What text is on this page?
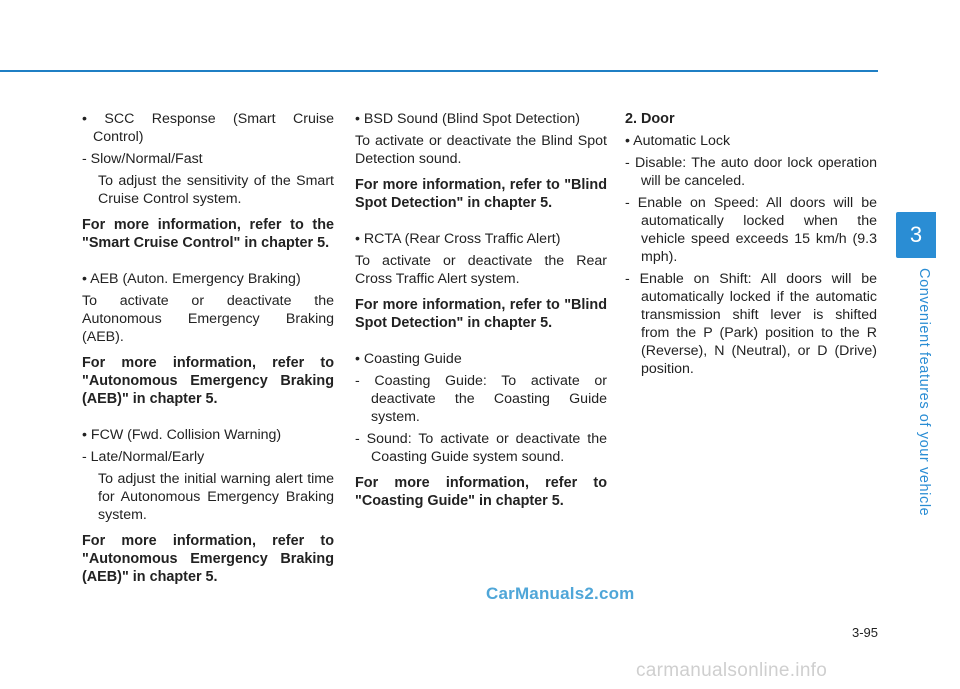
• SCC Response (Smart Cruise Control)

- Slow/Normal/Fast

To adjust the sensitivity of the Smart Cruise Control system.

For more information, refer to the "Smart Cruise Control" in chapter 5.

• AEB (Auton. Emergency Braking)

To activate or deactivate the Autonomous Emergency Braking (AEB).

For more information, refer to "Autonomous Emergency Braking (AEB)" in chapter 5.

• FCW (Fwd. Collision Warning)

- Late/Normal/Early

To adjust the initial warning alert time for Autonomous Emergency Braking system.

For more information, refer to "Autonomous Emergency Braking (AEB)" in chapter 5.

• BSD Sound (Blind Spot Detection)

To activate or deactivate the Blind Spot Detection sound.

For more information, refer to "Blind Spot Detection" in chapter 5.

• RCTA (Rear Cross Traffic Alert)

To activate or deactivate the Rear Cross Traffic Alert system.

For more information, refer to "Blind Spot Detection" in chapter 5.

• Coasting Guide

- Coasting Guide: To activate or deactivate the Coasting Guide system.

- Sound: To activate or deactivate the Coasting Guide system sound.

For more information, refer to "Coasting Guide" in chapter 5.

2. Door

• Automatic Lock

- Disable: The auto door lock operation will be canceled.

- Enable on Speed: All doors will be automatically locked when the vehicle speed exceeds 15 km/h (9.3 mph).

- Enable on Shift: All doors will be automatically locked if the automatic transmission shift lever is shifted from the P (Park) position to the R (Reverse), N (Neutral), or D (Drive) position.

3
Convenient features of your vehicle
3-95
CarManuals2.com
carmanualsonline.info
